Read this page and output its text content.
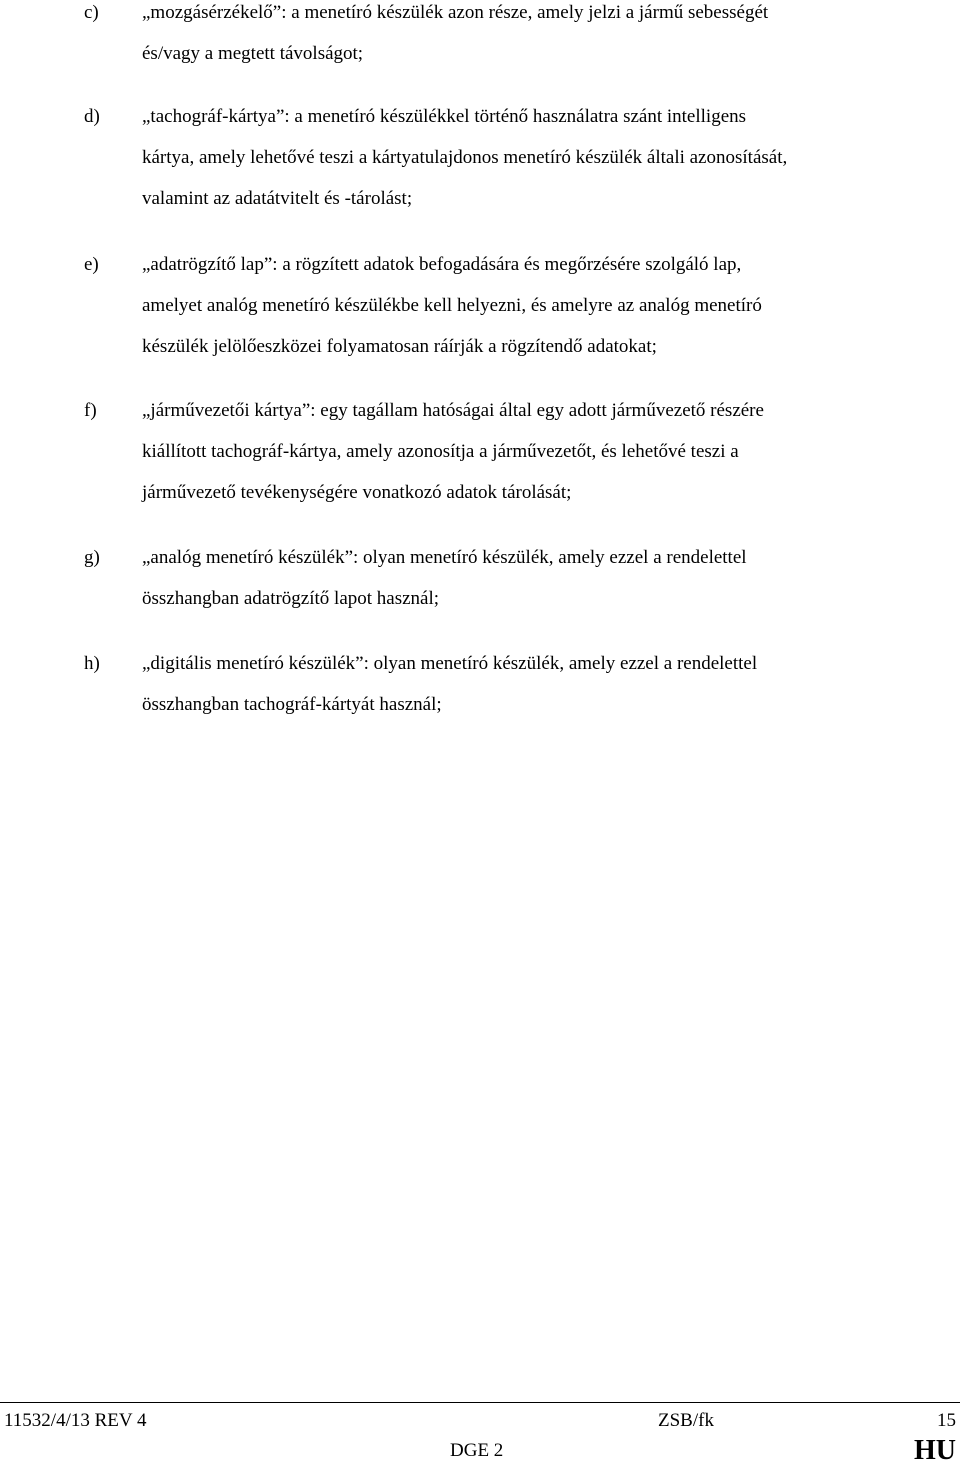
c) „mozgásérzékelő”: a menetíró készülék azon része, amely jelzi a jármű sebességét
és/vagy a megtett távolságot;
d) „tachográf-kártya”: a menetíró készülékkel történő használatra szánt intelligens
kártya, amely lehetővé teszi a kártyatulajdonos menetíró készülék általi azonosítását,
valamint az adatátvitelt és -tárolást;
e) „adatrögzítő lap”: a rögzített adatok befogadására és megőrzésére szolgáló lap,
amelyet analóg menetíró készülékbe kell helyezni, és amelyre az analóg menetíró
készülék jelölőeszközei folyamatosan ráírják a rögzítendő adatokat;
f) „járművezetői kártya”: egy tagállam hatóságai által egy adott járművezető részére
kiállított tachográf-kártya, amely azonosítja a járművezetőt, és lehetővé teszi a
járművezető tevékenységére vonatkozó adatok tárolását;
g) „analóg menetíró készülék”: olyan menetíró készülék, amely ezzel a rendelettel
összhangban adatrögzítő lapot használ;
h) „digitális menetíró készülék”: olyan menetíró készülék, amely ezzel a rendelettel
összhangban tachográf-kártyát használ;
11532/4/13 REV 4	ZSB/fk	15
DGE 2	HU
